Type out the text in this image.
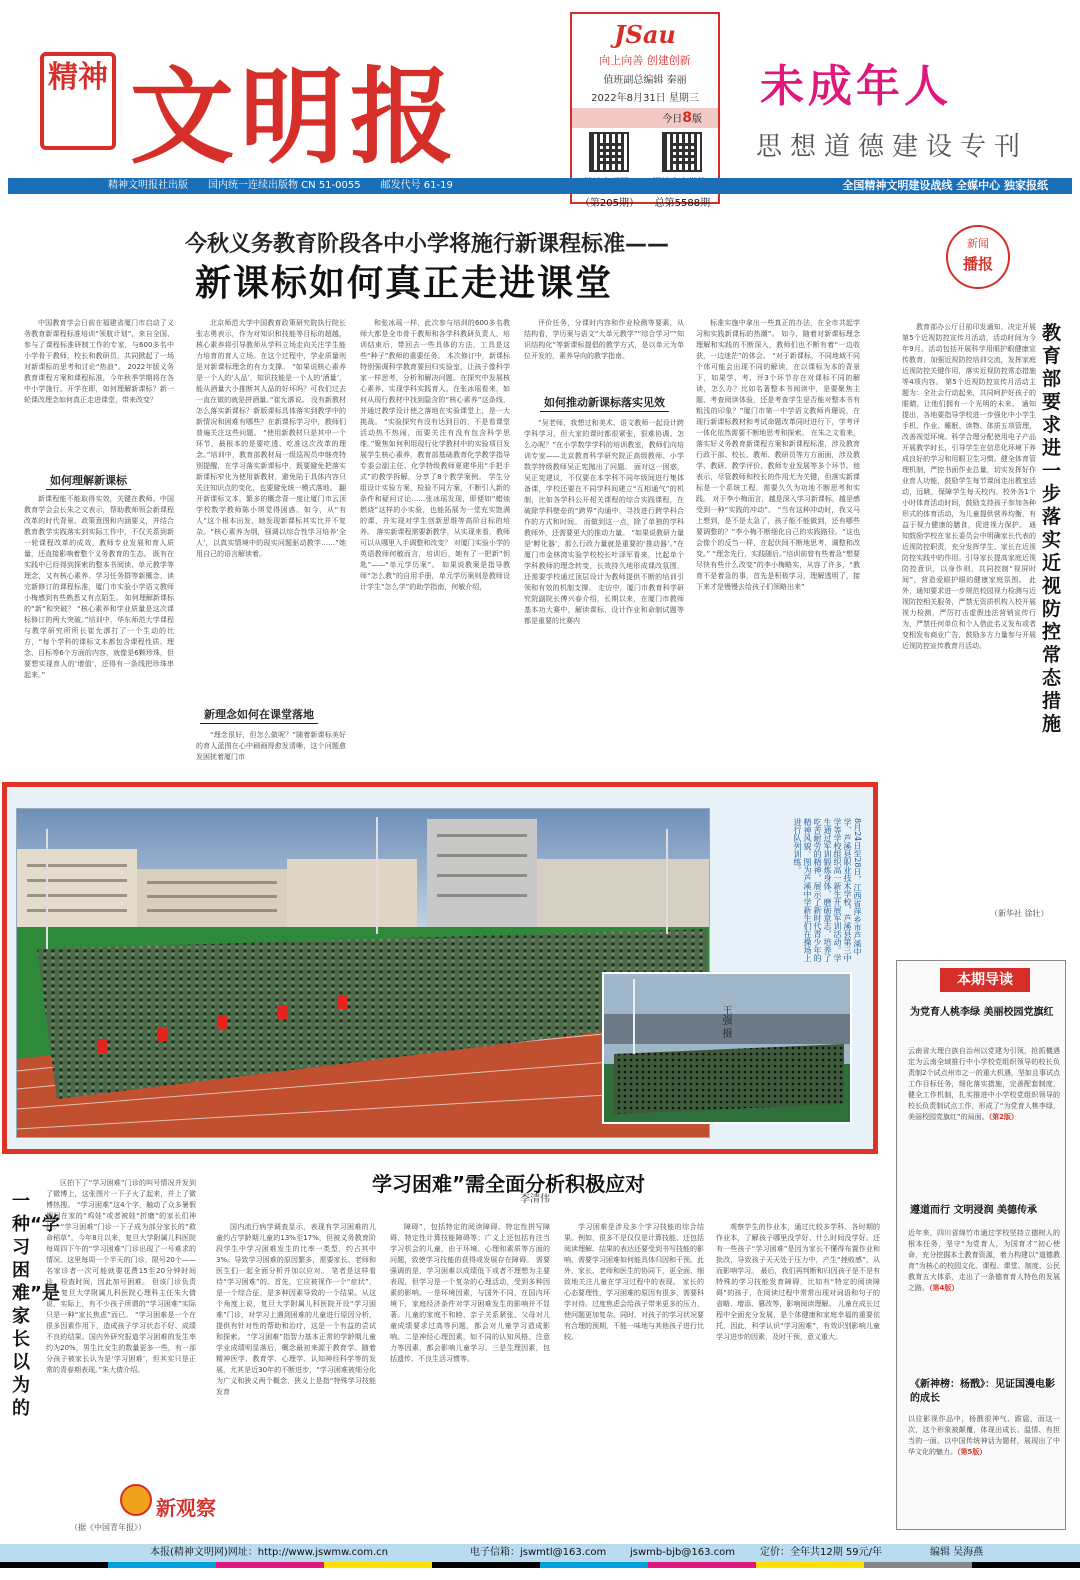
精神 文明报
JSau
向上向善 创建创新
值班副总编辑 秦丽
2022年8月31日 星期三
今日8版
（第205期） 总第5588期
未成年人
思想道德建设专刊
精神文明报社出版　　国内统一连续出版物 CN 51-0055　　邮发代号 61-19	全国精神文明建设战线 全媒中心 独家报纸
今秋义务教育阶段各中小学将施行新课程标准——
新课标如何真正走进课堂
新闻
播报

中国教育学会日前在福建省厦门市启动了义务教育新课程标准培训“领航计划”，来自全国、参与了课程标准研制工作的专家，与600多名中小学骨干教师，校长和教研员，共同掀起了一场对新课标的思考和讨论“热浪”。 2022年版义务教育课程方案和课程标准，今年秋季学期将在各中小学施行。开学在即，如何理解新课标？新一轮课改理念如何真正走进课堂，带来改变？

如何理解新课标

新课程能不能取得实效，关键在教师。中国教育学会会长朱之文表示，帮助教师领会新课程改革的时代背景、政策意图和内涵要义，并结合教育教学实践落实到实际工作中，不仅关系到新一轮课程改革的成效，教师专业发展和育人质量，还直接影响着整个义务教育的生态。 既有在实践中已经得到探索的整本书阅读、单元教学等理念，又有核心素养、学习任务群等新概念，读完新修订的课程标准，厦门市实验小学语文教师小梅感到有些熟悉又有点陌生。 如何理解新课标的“新”和突破？ “核心素养和学业质量是这次课标修订的两大突破。”培训中，华东师范大学课程与教学研究所所长崔允漷打了一个生动的比方，“每个学科的课标文本都包含课程性质、理念、目标等6个方面的内容，就像是6颗珍珠，但要想实现育人的‘增值’，还得有一条线把珍珠串起来。”

北京师范大学中国教育政策研究院执行院长张志勇表示，作为对知识和技能等目标的超越，核心素养将引导教师从学科立场走向关注学生能力培育的育人立场。在这个过程中，学业质量则是对新课标理念的有力支撑。 “如果说核心素养是一个人的‘人品’，知识技能是一个人的‘酒量’，能从酒量大小推断其人品的好坏吗？可我们过去一直在做的就是拼酒量。”崔允漷说。 没有新教材怎么落实新课标？新版课标具体落实到教学中的新情况和困难有哪些？在新课标学习中，教师们普遍关注这些问题。 “使用新教材只是其中一个环节，最根本的是要吃透、吃准这次改革的理念。”培训中，教育部教材局一级巡视员申继亮特别提醒，在学习落实新课标中，既要避免把落实新课标窄化为使用新教材，避免陷于具体内容只关注知识点的变化，也要避免统一模式落地。 翻开新课标文本，繁多的概念背一度让厦门市云顶学校数学教师陈小琪觉得困惑。如今，从“有人”这个根本出发，她发现新课标其实比并不复杂。“核心素养为纲，强调以综合性学习培养‘全人’，以真实情境中的现实问题驱动教学……”她用自己的语言解读着。

新理念如何在课堂落地

“理念很好，但怎么做呢？”随着新课标美好的育人蓝图在心中刷画得愈发清晰，这个问题愈发困扰着厦门市

和张冰瑶一样，此次参与培训的600多名教师大都是全市骨干教师和各学科教研负责人，培训结束后，带回去一些具体的方法，工具是这些“种子”教师的重要任务。 本次修订中，新课标特别强调科学教育要回归实验室，让孩子像科学家一样思考，分析和解决问题。在探究中发展核心素养，实现学科实践育人。在张冰瑶看来，如何从现行教材中找到隐含的“核心素养”这条线，并通过教学设计使之落地在实验课堂上，是一大挑战。 “实验探究有没有达到目的，不是看课堂活动热不热闹，而要关注有没有包含科学思维。”聚焦如何利用现行化学教材中的实验项目发展学生核心素养，教育部基础教育化学教学指导专委会副主任、化学特级教师夏建华用“手把手式”的教学拆解，分享了8个教学案例。 学生分组设计实验方案，检验不同方案，不断引入新的条件和疑问讨论……张冰瑶发现，即便如“蜡烛燃烧”这样的小实验，也能拓展为一堂充实饱满的课，并实现对学生创新思维等高阶目标的培养。 落实新课程需要新教学，从实现来看，教师可以从哪里入手调整和改变？ 对厦门实验小学的英语教师何敏而言，培训后，她有了一把新“钥匙”——“单元学历案”。 如果说教案是指导教师“怎么教”的自用手册，单元学历案则是教师设计学生“怎么学”的助学指南，何敏介绍，

评价任务，分课时内容和作业检测等要素，从结构看，学历案与语文“大单元教学”“综合学习”“知识结构化”等新课标提倡的教学方式，是以单元为单位开发的，素养导向的教学指南。

如何推动新课标落实见效

“吴老师，我想过和美术、语文教师一起设计跨学科学习，但大家的课时都很紧张，很难协调。怎么办呢？”在小学数学学科的培训教室，教师们向培训专家——北京教育科学研究院正高级教师、小学数学特级教师吴正宪抛出了问题。 面对这一困惑，吴正宪建议，不仅要在本学科不同年级间进行集体备课，学校还要在不同学科间建立“互相通气”的机制，比如各学科公开相关课程的综合实践课程，在破除学科壁垒的“跨界”沟通中，寻找进行跨学科合作的方式和时间。 而做到这一点，除了单独的学科教师外，还需要更大的推动力量。 “如果说教研力量是‘孵化器’，那么行政力量就是重要的‘推动器’。”在厦门市金林湾实验学校校长叶泽军看来，比起单个学科教师的理念转变，长效持久地形成课改氛围，还需要学校通过顶层设计为教师提供不断的培训引领和有效的机制支撑。 走访中，厦门市教育科学研究院副院长傅兴春介绍，长期以来，在厦门市教师基本功大赛中，解读课标、设计作业和命制试题等都是重要的比赛内

标准实施中拿出一些真正的办法，在全市共起学习和实践新课标的热潮”。 如今，随着对新课标理念理解和实践的不断深入，教师们也不断有着“一边收获，一边迷茫”的体会。 “对于新课标，不同地域不同个体可能会出现不同的解读，在以课标为本的背景下，如果学、考、评3个环节存在对课标不同的解读，怎么办？比如名著整本书阅读中，是要聚焦主题、考查阅读体验，还是考查学生是否能对整本书有粗浅的印象？”厦门市第一中学语文教师肖珊说，在现行新课标教材和考试命题改革同时进行下，学考评一体化依然需要不断地思考和探索。 在朱之文看来，落实好义务教育新课程方案和新课程标准，涉及教育行政干部、校长、教师、教研员等方方面面，涉及教学、教研、教学评价、教师专业发展等多个环节。他表示，尽管教师和校长的作用尤为关键，但落实新课标是一个系统工程，需要久久为功地不断思考和实践。 对于李小梅而言，越是深入学习新课标，越是感受到一种“实践的冲动”。 “当有这种冲动时，我又马上想到，是不是太急了，孩子能不能做到，还有哪些要调整的？”李小梅不断细化自己的实践路径。“这也会像个的反刍一样，在起伏间不断地思考，调整和改变。” “理念先行，实践随后。”培训前曾有些着急“想要尽快有些什么改变”的李小梅略实，从容了许多，“教育不是着急的事，首先是积极学习，理解透明了，接下来才是慢慢去给孩子们领略出来”

教育部要求进一步落实近视防控常态措施

教育部办公厅日前印发通知，决定开展第5个近视防控宣传月活动，活动时间为今年9月。活动包括开展科学用眼护眼健康宣传教育，加强近视防控培训交流，发挥家庭近视防控关键作用，落实近视防控常态措施等4项内容。 第5个近视防控宣传月活动主题为：全社会行动起来，共同呵护好孩子的眼睛，让他们拥有一个光明的未来。 通知提出，各地要指导学校进一步强化中小学生手机、作业、睡眠、读物、体质五项管理，改善视觉环境。科学合理分配使用电子产品开展教学时长，引导学生在信息化环境下养成良好的学习和用眼卫生习惯。健全体育管理机制，严控书面作业总量，切实发挥好作业育人功能，鼓励学生每节课间走出教室活动，远眺，保障学生每天校内、校外各1个小时体育活动时间，鼓励支持孩子参加各种形式的体育活动，为儿童提供营养均衡，有益于视力健康的膳食，促进视力保护。 通知鼓励学校在家长委员会中明确家长代表的近视防控职责，充分发挥学生、家长在近视防控实践中的作用。引导家长提高家庭近视防控意识，以身作则，共同控制“视屏时间”，营造爱眼护眼的健康家庭氛围。 此外，通知要求进一步规范校园视力检测与近视防控相关服务，严禁无资质机构入校开展视力检测，严厉打击虚假违法营销宣传行为，严禁任何单位和个人借此名义发布或者变相发布商业广告，鼓励多方力量参与开展近视防控宣传教育月活动。

（新华社 徐壮）
8月24日至28日，江西省萍乡市芦溪中学、芦溪县职业技术学校、芦溪县第三中学等学校组织高一新生开展军训活动。学生通过军训锻炼身体、磨砺意志，培养了吃苦耐劳的精神，展示了新时代青少年的精神风貌。图为芦溪中学新生们在操场上进行队列训练。
王强 摄
学习困难”需全面分析积极应对
李清伟
一种“学习困难”是家长以为的

区拍下了“学习困难”门诊的叫号情况并发到了微博上，这张图片一下子火了起来，并上了微博热搜。 “学习困难”这4个字，触动了众多暑假期间在家的“鸡娃”或者被娃“折磨”的家长们神经。“学习困难”门诊一下子成为部分家长的“救命稻草”。今年8月以来，复旦大学附属儿科医院每周四下午的“学习困难”门诊出现了一号难求的情况。这里每周一个半天的门诊，限号20个——名家诊者一次可能就要花费15至20分钟时间诊、检查时间，因此加号困难。 但该门诊负责人、复旦大学附属儿科医院心理科主任朱大倩说，实际上，有不少孩子所谓的“学习困难”实际只是一种“家长焦虑”而已。 “学习困难是一个在很多因素作用下，造成孩子学习状态不好、成绩不良的结果。国内外研究报道学习困难的发生率约为20%，男生比女生的数量更多一些，有一部分孩子被家长认为是‘学习困难’，但其实只是正常的青春期表现。”朱大倩介绍。

（据《中国青年报》）
新观察

国内流行病学调查显示，表现有学习困难的儿童约占学龄期儿童的13%至17%，但被义务教育阶段学生中学习困难发生的比率一类型，约占其中3%。导致学习困难的原因繁多，需要家长、老师和医生们一起全面分析并加以应对。 笔者是这样看待“学习困难”的。首先，它应被视作一个“症状”，是一个综合征，是多种因素导致的一个结果。从这个角度上说，复旦大学附属儿科医院开设“学习困难”门诊，对学习上遇到困难的儿童进行原因分析，提供有针对性的帮助和治疗，这是一个有益的尝试和探索。 “学习困难”指智力基本正常的学龄期儿童学业成绩明显落后，概念最初来源于教育学。随着精神医学、教育学、心理学、认知神经科学等的发展，尤其是近30年的不断进步，“学习困难被细分化为广义和狭义两个概念，狭义上是指“特殊学习技能发育

障碍”，包括特定的阅读障碍、特定性拼写障碍、特定性计算技能障碍等；广义上还包括有注当学习机会的儿童，由于环境、心理和素质等方面的问题，致使学习技能的获得或发展存在障碍。 需要强调的是，学习困难以成绩低下或者不理想为主要表现，但学习是一个复杂的心理活动，受到多种因素的影响。一是环境因素，与国外不同，在国内环境下，家庭经济条件对学习困难发生的影响并不显著。儿童的家庭不和睦、亲子关系紧张、父母对儿童成绩要求过高等问题，都会对儿童学习造成影响。二是神经心理因素，如不同的认知风格、注意力等因素，都会影响儿童学习。三是生理因素，包括遗传、不良生活习惯等。

学习困难是涉及多个学习技能的综合结果。例如，很多不是仅仅是计算技能、还包括阅读理解、结果的表达还要受到书写技能的影响、需要学习困难如何能具体归因和干预。此外，家长、老师和医生的协同下，更全面、细致地关注儿童在学习过程中的表现。 家长的心态要理性，学习困难的原因有很多，需要科学对待。过度焦虑会给孩子带来更多的压力，使问题更加复杂。同时，对孩子的学习状况要有合理的预期，不能一味地与其他孩子进行比较。

观察学生的作业本，通过比较多学科、各时期的作业本，了解孩子哪里没学好、什么时间没学好。还有一些孩子“学习困难”是因为家长不懂得布置作业和批改，导致孩子天天处于压力中，产生“挫败感”，从而影响学习。 最后，我们再判断和归因孩子是不是有特殊的学习技能发育障碍，比如有“特定的阅读障碍”的孩子，在阅读过程中常常出现对词语和句子的省略、增添、篡改等，影响阅读理解。 儿童在成长过程中全面充分发展，是个体健康和家庭幸福的重要依托，因此，科学认识“学习困难”，有效识别影响儿童学习进步的因素，及时干预，意义重大。

本期导读
为党育人桃李绿 美丽校园党旗红
云南省大理白族自治州以党建为引领，抢抓機遇定为云南全域推行中小学校党组织领导的校长负责制2个试点州市之一的重大机遇，坚如且事试点工作目标任务，细化落实措施，完善配套制度，健全工作机制，扎实推进中小学校党组织领导的校长负责制试点工作，形成了“为党育人桃李绿，美丽校园党旗红”的局面。（第2版）
遵道而行 文明浸润 美德传承
近年来，四川省绵竹市通过学校坚持立德树人的根本任务，坚守“为党育人，为国育才”初心使命，充分挖掘本土教育资源，着力构建以“道德教育”为核心的校园文化、课程、课堂、制度、公民教育五大体系，走出了一条德育育人特色的发展之路。（第4版）
《新神榜：杨戬》：见证国漫电影的成长
以往影视作品中，杨戬很神气、跋扈，而这一次，这个形象被颠覆，体现出成长、温情、有担当的一面。以中国传统神话为题材，展现出了中华文化的魅力。（第5版）
本报(精神文明网)网址：http://www.jswmw.com.cn	电子信箱：jswmtl@163.com jswmb-bjb@163.com	定价：全年共12期 59元/年	编辑 吴海燕
